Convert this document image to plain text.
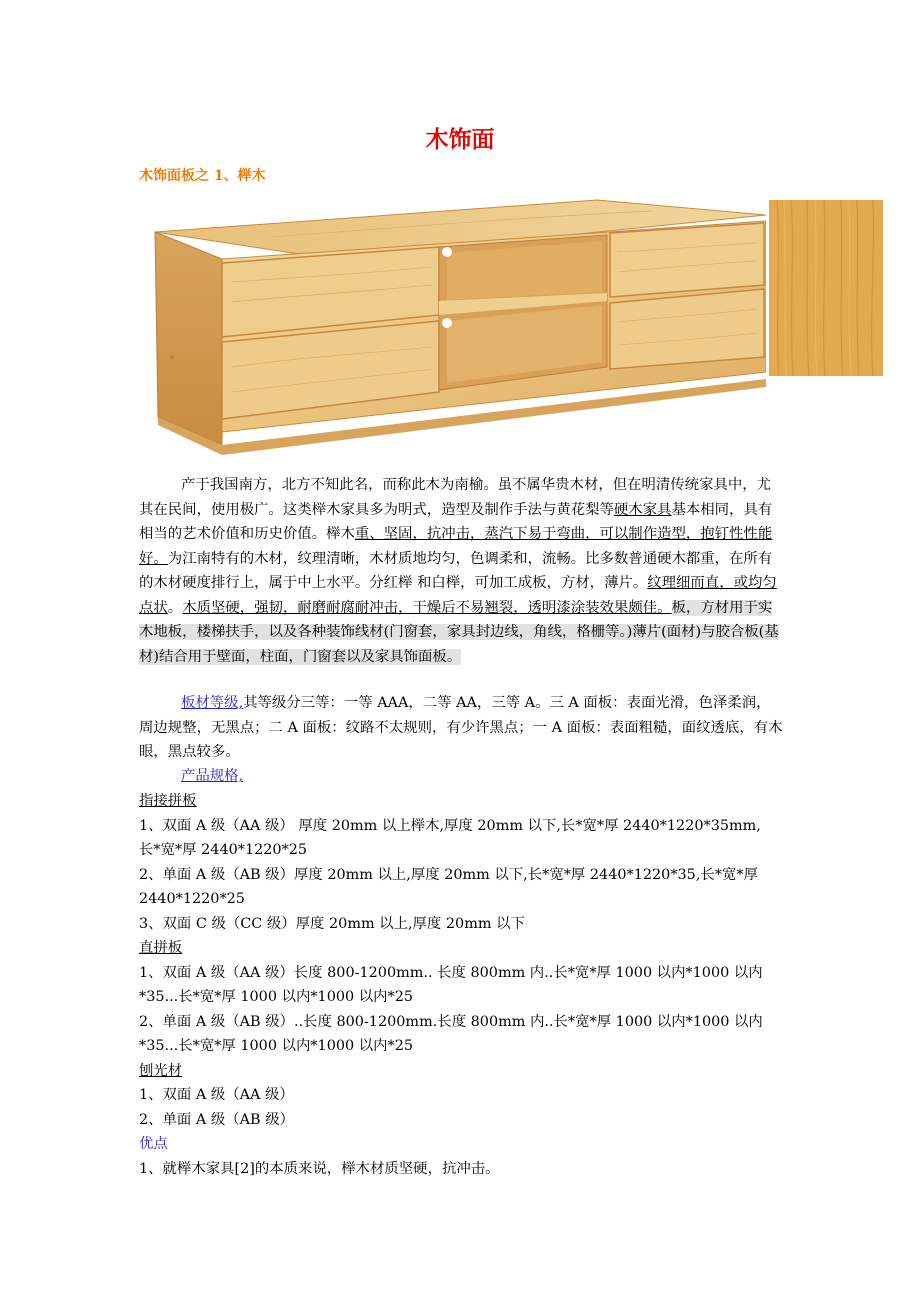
木饰面
木饰面板之 1、榉木
产于我国南方，北方不知此名，而称此木为南榆。虽不属华贵木材，但在明清传统家具中，尤其在民间，使用极广。这类榉木家具多为明式，造型及制作手法与黄花梨等硬木家具基本相同，具有相当的艺术价值和历史价值。榉木重、坚固，抗冲击，蒸汽下易于弯曲，可以制作造型，抱钉性性能好。为江南特有的木材，纹理清晰，木材质地均匀，色调柔和，流畅。比多数普通硬木都重，在所有的木材硬度排行上，属于中上水平。分红榉 和白榉，可加工成板，方材，薄片。纹理细而直，或均匀点状。木质坚硬，强韧，耐磨耐腐耐冲击，干燥后不易翘裂，透明漆涂装效果颇佳。板，方材用于实木地板，楼梯扶手，以及各种装饰线材(门窗套，家具封边线，角线，格栅等。)薄片(面材)与胶合板(基材)结合用于壁面，柱面，门窗套以及家具饰面板。
板材等级,其等级分三等：一等 AAA，二等 AA，三等 A。三 A 面板：表面光滑，色泽柔润，周边规整，无黑点；二 A 面板：纹路不太规则，有少许黑点；一 A 面板：表面粗糙，面纹透底，有木眼，黑点较多。
产品规格,
指接拼板
1、双面 A 级（AA 级） 厚度 20mm 以上榉木,厚度 20mm 以下,长*宽*厚 2440*1220*35mm,
长*宽*厚 2440*1220*25
2、单面 A 级（AB 级）厚度 20mm 以上,厚度 20mm 以下,长*宽*厚 2440*1220*35,长*宽*厚
2440*1220*25
3、双面 C 级（CC 级）厚度 20mm 以上,厚度 20mm 以下
直拼板
1、双面 A 级（AA 级）长度 800-1200mm.. 长度 800mm 内..长*宽*厚 1000 以内*1000 以内
*35...长*宽*厚 1000 以内*1000 以内*25
2、单面 A 级（AB 级）..长度 800-1200mm.长度 800mm 内..长*宽*厚 1000 以内*1000 以内
*35...长*宽*厚 1000 以内*1000 以内*25
刨光材
1、双面 A 级（AA 级）
2、单面 A 级（AB 级）
优点
1、就榉木家具[2]的本质来说，榉木材质坚硬，抗冲击。
